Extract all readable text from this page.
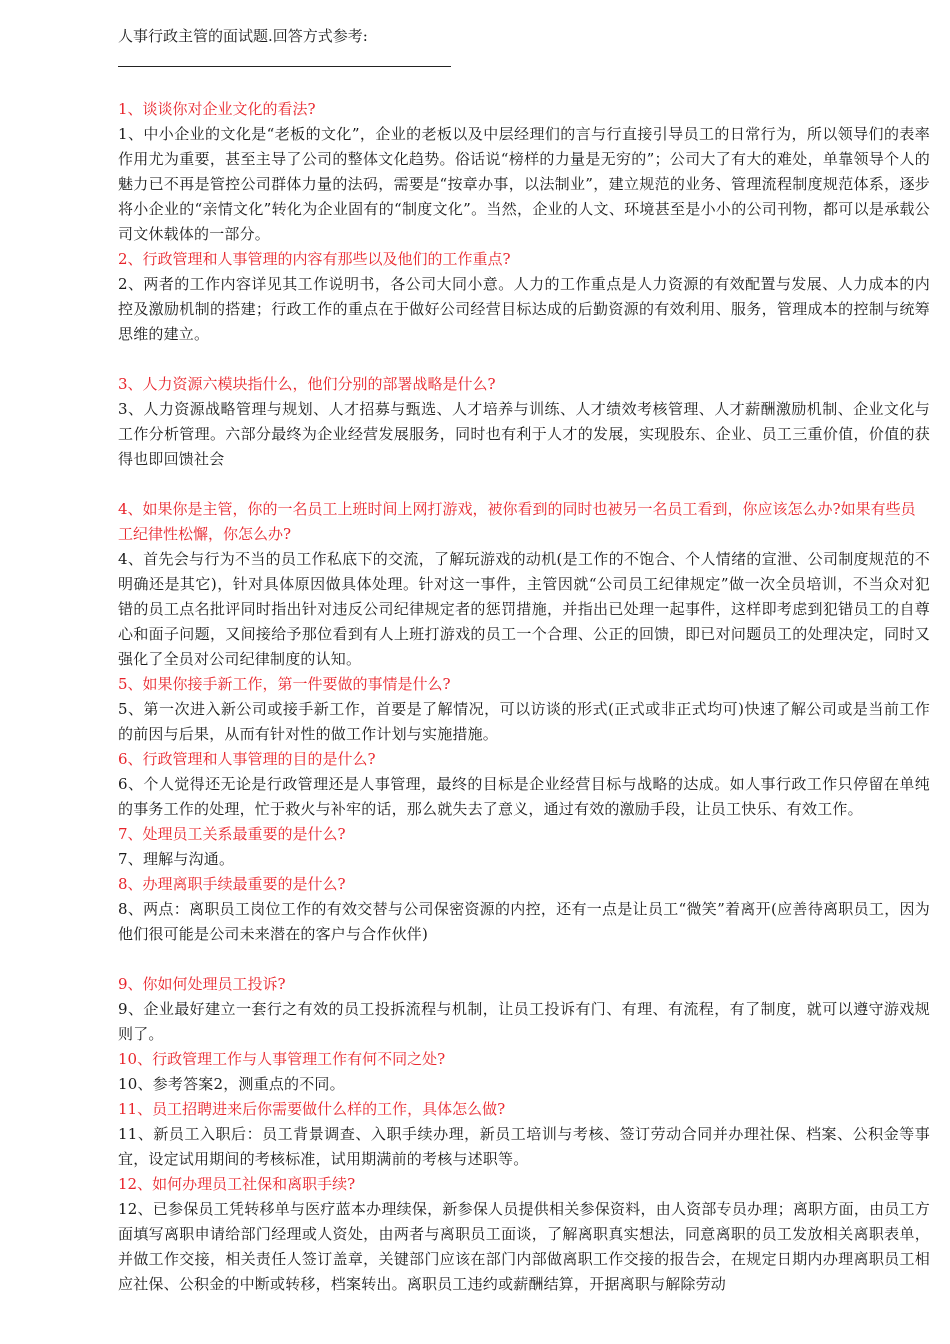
人事行政主管的面试题.回答方式参考:

1、谈谈你对企业文化的看法?

1、中小企业的文化是“老板的文化”，企业的老板以及中层经理们的言与行直接引导员工的日常行为，所以领导们的表率作用尤为重要，甚至主导了公司的整体文化趋势。俗话说“榜样的力量是无穷的”；公司大了有大的难处，单靠领导个人的魅力已不再是管控公司群体力量的法码，需要是“按章办事，以法制业”，建立规范的业务、管理流程制度规范体系，逐步将小企业的“亲情文化”转化为企业固有的“制度文化”。当然，企业的人文、环境甚至是小小的公司刊物，都可以是承载公司文休载体的一部分。

2、行政管理和人事管理的内容有那些以及他们的工作重点?

2、两者的工作内容详见其工作说明书，各公司大同小意。人力的工作重点是人力资源的有效配置与发展、人力成本的内控及激励机制的搭建；行政工作的重点在于做好公司经营目标达成的后勤资源的有效利用、服务，管理成本的控制与统筹思维的建立。

3、人力资源六模块指什么，他们分别的部署战略是什么?

3、人力资源战略管理与规划、人才招募与甄选、人才培养与训练、人才绩效考核管理、人才薪酬激励机制、企业文化与工作分析管理。六部分最终为企业经营发展服务，同时也有利于人才的发展，实现股东、企业、员工三重价值，价值的获得也即回馈社会

4、如果你是主管，你的一名员工上班时间上网打游戏，被你看到的同时也被另一名员工看到，你应该怎么办?如果有些员工纪律性松懈，你怎么办?

4、首先会与行为不当的员工作私底下的交流，了解玩游戏的动机(是工作的不饱合、个人情绪的宣泄、公司制度规范的不明确还是其它)，针对具体原因做具体处理。针对这一事件，主管因就“公司员工纪律规定”做一次全员培训，不当众对犯错的员工点名批评同时指出针对违反公司纪律规定者的惩罚措施，并指出已处理一起事件，这样即考虑到犯错员工的自尊心和面子问题，又间接给予那位看到有人上班打游戏的员工一个合理、公正的回馈，即已对问题员工的处理决定，同时又强化了全员对公司纪律制度的认知。

5、如果你接手新工作，第一件要做的事情是什么?

5、第一次进入新公司或接手新工作，首要是了解情况，可以访谈的形式(正式或非正式均可)快速了解公司或是当前工作的前因与后果，从而有针对性的做工作计划与实施措施。

6、行政管理和人事管理的目的是什么?

6、个人觉得还无论是行政管理还是人事管理，最终的目标是企业经营目标与战略的达成。如人事行政工作只停留在单纯的事务工作的处理，忙于救火与补牢的话，那么就失去了意义，通过有效的激励手段，让员工快乐、有效工作。

7、处理员工关系最重要的是什么?

7、理解与沟通。

8、办理离职手续最重要的是什么?

8、两点：离职员工岗位工作的有效交替与公司保密资源的内控，还有一点是让员工“微笑”着离开(应善待离职员工，因为他们很可能是公司未来潜在的客户与合作伙伴)

9、你如何处理员工投诉?

9、企业最好建立一套行之有效的员工投拆流程与机制，让员工投诉有门、有理、有流程，有了制度，就可以遵守游戏规则了。

10、行政管理工作与人事管理工作有何不同之处?

10、参考答案2，测重点的不同。

11、员工招聘进来后你需要做什么样的工作，具体怎么做?

11、新员工入职后：员工背景调查、入职手续办理，新员工培训与考核、签订劳动合同并办理社保、档案、公积金等事宜，设定试用期间的考核标准，试用期满前的考核与述职等。

12、如何办理员工社保和离职手续?

12、已参保员工凭转移单与医疗蓝本办理续保，新参保人员提供相关参保资料，由人资部专员办理；离职方面，由员工方面填写离职申请给部门经理或人资处，由两者与离职员工面谈，了解离职真实想法，同意离职的员工发放相关离职表单，并做工作交接，相关责任人签订盖章，关键部门应该在部门内部做离职工作交接的报告会，在规定日期内办理离职员工相应社保、公积金的中断或转移，档案转出。离职员工违约或薪酬结算，开据离职与解除劳动
